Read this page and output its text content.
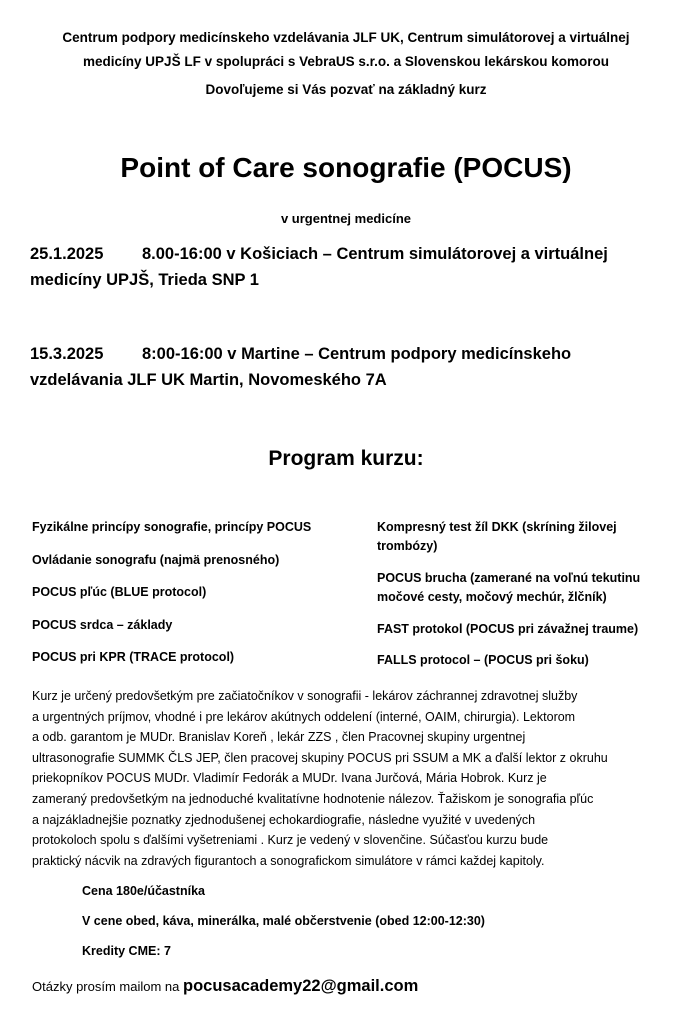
Centrum podpory medicínskeho vzdelávania JLF UK, Centrum simulátorovej a virtuálnej
medicíny UPJŠ LF v spolupráci s VebraUS s.r.o. a Slovenskou lekárskou komorou
Dovoľujeme si Vás pozvať na základný kurz
Point of Care sonografie (POCUS)
v urgentnej medicíne
25.1.2025 8.00-16:00 v Košiciach – Centrum simulátorovej a virtuálnej
medicíny UPJŠ, Trieda SNP 1
15.3.2025 8:00-16:00 v Martine – Centrum podpory medicínskeho
vzdelávania JLF UK Martin, Novomeského 7A
Program kurzu:
Fyzikálne princípy sonografie, princípy POCUS
Ovládanie sonografu (najmä prenosného)
POCUS pľúc (BLUE protocol)
POCUS srdca – základy
POCUS pri KPR (TRACE protocol)
Kompresný test žíl DKK (skríning žilovej
trombózy)
POCUS brucha (zamerané na voľnú tekutinu
močové cesty, močový mechúr, žlčník)
FAST protokol (POCUS pri závažnej traume)
FALLS protocol – (POCUS pri šoku)
Kurz je určený predovšetkým pre začiatočníkov v sonografii - lekárov záchrannej zdravotnej služby
a urgentných príjmov, vhodné i pre lekárov akútnych oddelení (interné, OAIM, chirurgia). Lektorom
a odb. garantom je MUDr. Branislav Koreň , lekár ZZS , člen Pracovnej skupiny urgentnej
ultrasonografie SUMMK ČLS JEP, člen pracovej skupiny POCUS pri SSUM a MK a ďalší lektor z okruhu
priekopníkov POCUS MUDr. Vladimír Fedorák a MUDr. Ivana Jurčová, Mária Hobrok. Kurz je
zameraný predovšetkým na jednoduché kvalitatívne hodnotenie nálezov. Ťažiskom je sonografia pľúc
a najzákladnejšie poznatky zjednodušenej echokardiografie, následne využité v uvedených
protokoloch spolu s ďalšími vyšetreniami . Kurz je vedený v slovenčine. Súčasťou kurzu bude
praktický nácvik na zdravých figurantoch a sonografickom simulátore v rámci každej kapitoly.
Cena 180e/účastníka
V cene obed, káva, minerálka, malé občerstvenie (obed 12:00-12:30)
Kredity CME: 7
Otázky prosím mailom na pocusacademy22@gmail.com
